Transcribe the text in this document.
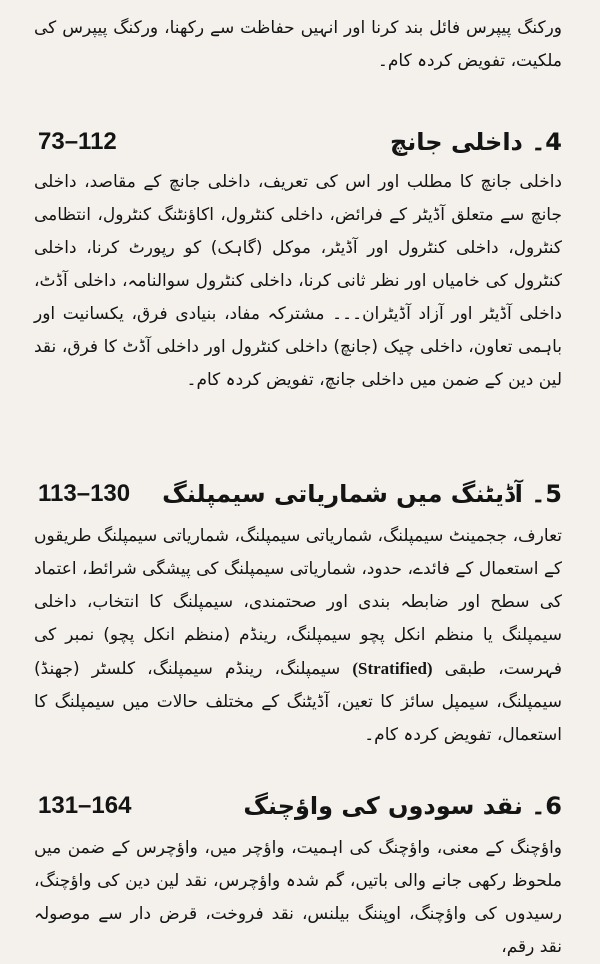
ورکنگ پیپرس فائل بند کرنا اور انہیں حفاظت سے رکھنا، ورکنگ پیپرس کی ملکیت، تفویض کردہ کام۔

4۔ داخلی جانچ
73–112

داخلی جانچ کا مطلب اور اس کی تعریف، داخلی جانچ کے مقاصد، داخلی جانچ سے متعلق آڈیٹر کے فرائض، داخلی کنٹرول، اکاؤنٹنگ کنٹرول، انتظامی کنٹرول، داخلی کنٹرول اور آڈیٹر، موکل (گاہک) کو رپورٹ کرنا، داخلی کنٹرول کی خامیاں اور نظر ثانی کرنا، داخلی کنٹرول سوالنامہ، داخلی آڈٹ، داخلی آڈیٹر اور آزاد آڈیٹران۔۔۔ مشترکہ مفاد، بنیادی فرق، یکسانیت اور باہمی تعاون، داخلی چیک (جانچ) داخلی کنٹرول اور داخلی آڈٹ کا فرق، نقد لین دین کے ضمن میں داخلی جانچ، تفویض کردہ کام۔

5۔ آڈیٹنگ میں شماریاتی سیمپلنگ
113–130

تعارف، ججمینٹ سیمپلنگ، شماریاتی سیمپلنگ، شماریاتی سیمپلنگ طریقوں کے استعمال کے فائدے، حدود، شماریاتی سیمپلنگ کی پیشگی شرائط، اعتماد کی سطح اور ضابطہ بندی اور صحتمندی، سیمپلنگ کا انتخاب، داخلی سیمپلنگ یا منظم انکل پچو سیمپلنگ، رینڈم (منظم انکل پچو) نمبر کی فہرست، طبقی (Stratified) سیمپلنگ، رینڈم سیمپلنگ، کلسٹر (جھنڈ) سیمپلنگ، سیمپل سائز کا تعین، آڈیٹنگ کے مختلف حالات میں سیمپلنگ کا استعمال، تفویض کردہ کام۔

6۔ نقد سودوں کی واؤچنگ
131–164

واؤچنگ کے معنی، واؤچنگ کی اہمیت، واؤچر میں، واؤچرس کے ضمن میں ملحوظ رکھی جانے والی باتیں، گم شدہ واؤچرس، نقد لین دین کی واؤچنگ، رسیدوں کی واؤچنگ، اوپننگ بیلنس، نقد فروخت، قرض دار سے موصولہ نقد رقم،
